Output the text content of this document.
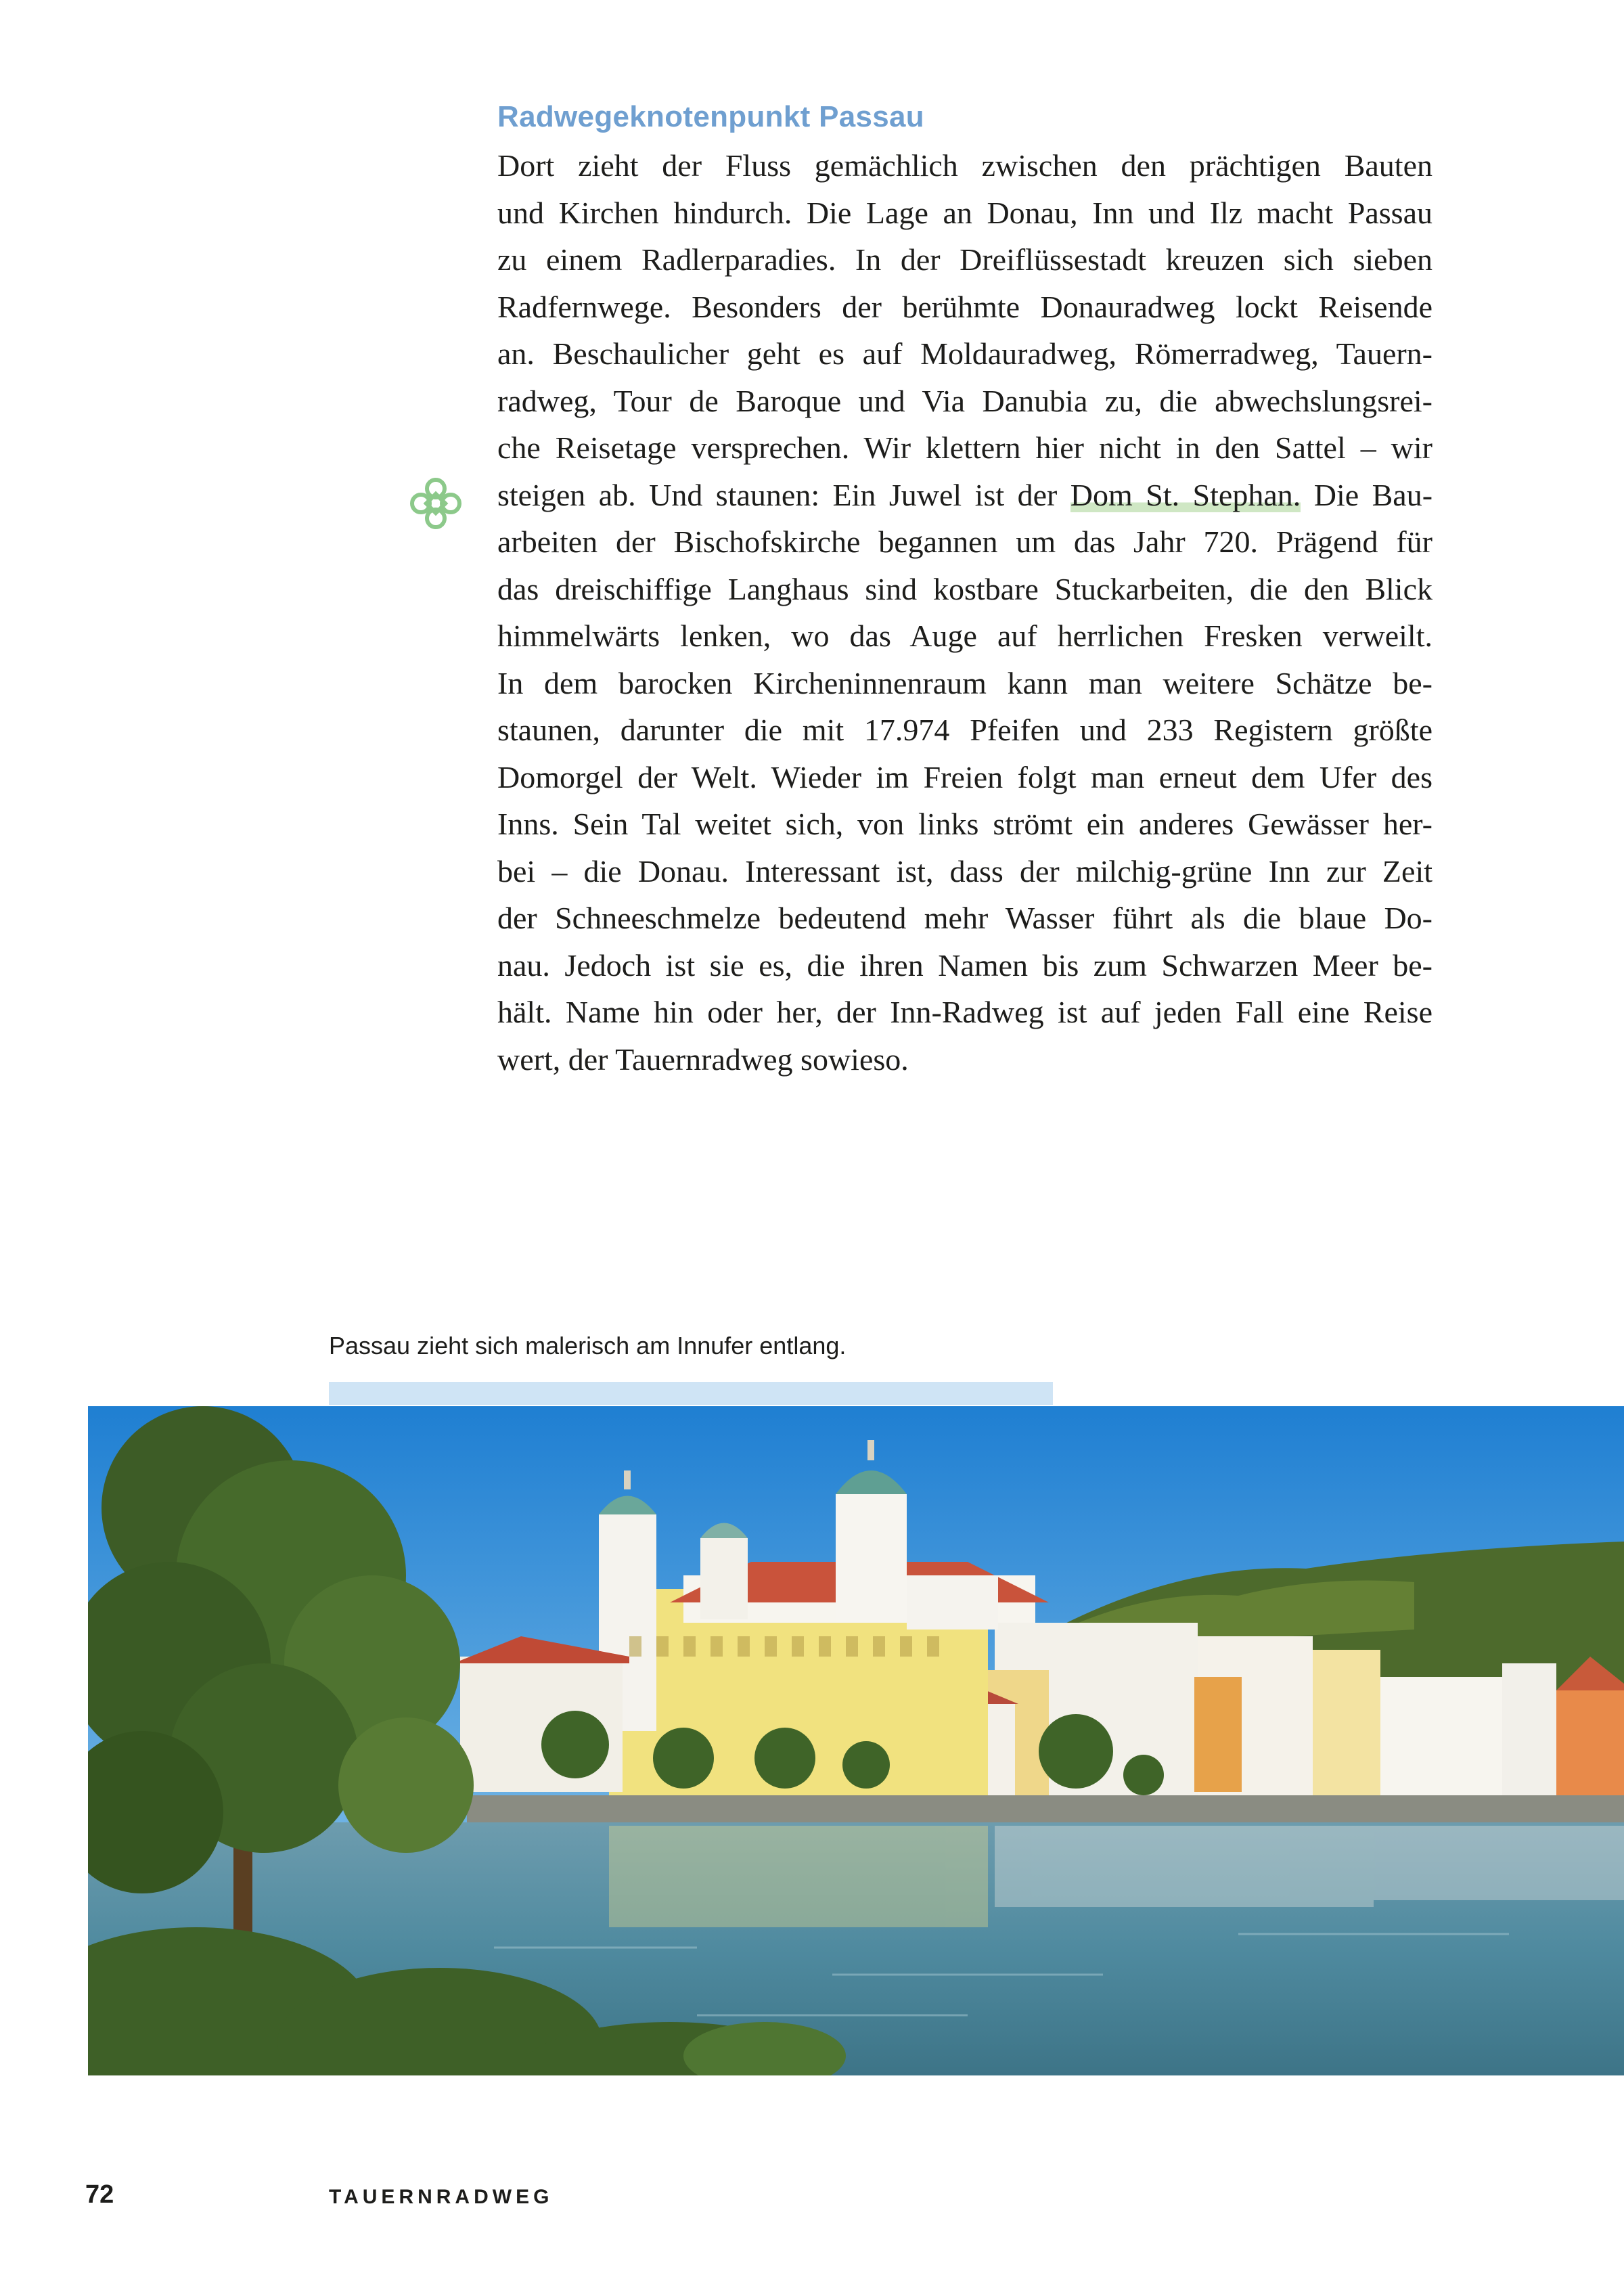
Radwegeknotenpunkt Passau
Dort zieht der Fluss gemächlich zwischen den prächtigen Bauten
und Kirchen hindurch. Die Lage an Donau, Inn und Ilz macht Passau
zu einem Radlerparadies. In der Dreiflüssestadt kreuzen sich sieben
Radfernwege. Besonders der berühmte Donauradweg lockt Reisende
an. Beschaulicher geht es auf Moldauradweg, Römerradweg, Tauern-
radweg, Tour de Baroque und Via Danubia zu, die abwechslungsrei-
che Reisetage versprechen. Wir klettern hier nicht in den Sattel – wir
steigen ab. Und staunen: Ein Juwel ist der Dom St. Stephan. Die Bau-
arbeiten der Bischofskirche begannen um das Jahr 720. Prägend für
das dreischiffige Langhaus sind kostbare Stuckarbeiten, die den Blick
himmelwärts lenken, wo das Auge auf herrlichen Fresken verweilt.
In dem barocken Kircheninnenraum kann man weitere Schätze be-
staunen, darunter die mit 17.974 Pfeifen und 233 Registern größte
Domorgel der Welt. Wieder im Freien folgt man erneut dem Ufer des
Inns. Sein Tal weitet sich, von links strömt ein anderes Gewässer her-
bei – die Donau. Interessant ist, dass der milchig-grüne Inn zur Zeit
der Schneeschmelze bedeutend mehr Wasser führt als die blaue Do-
nau. Jedoch ist sie es, die ihren Namen bis zum Schwarzen Meer be-
hält. Name hin oder her, der Inn-Radweg ist auf jeden Fall eine Reise
wert, der Tauernradweg sowieso.

Passau zieht sich malerisch am Innufer entlang.

72	TAUERNRADWEG
